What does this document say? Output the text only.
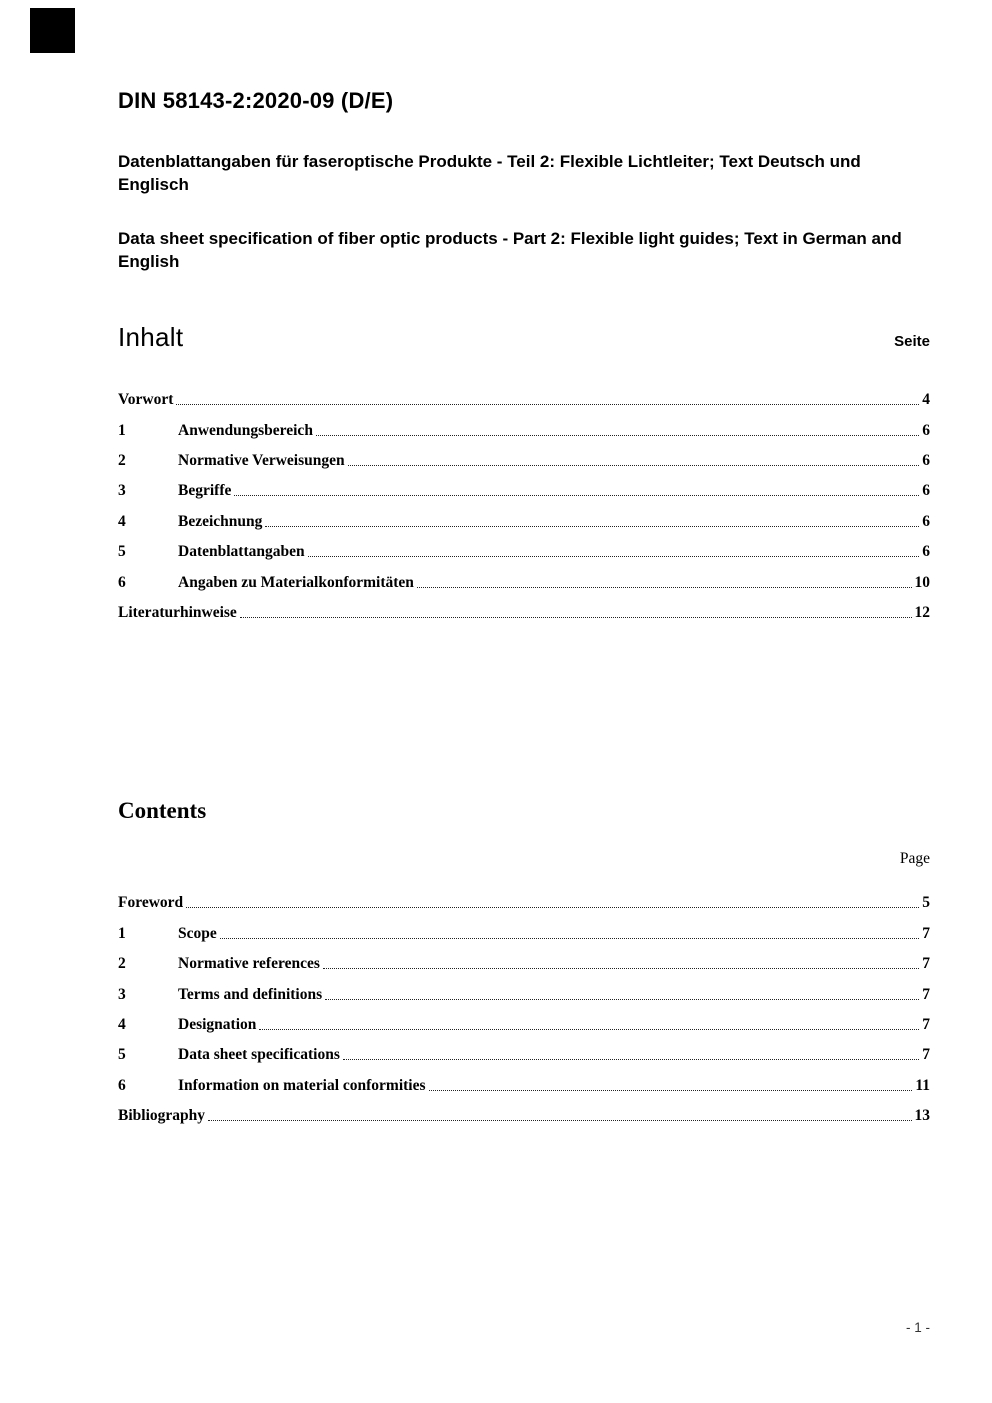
DIN 58143-2:2020-09 (D/E)
Datenblattangaben für faseroptische Produkte - Teil 2: Flexible Lichtleiter; Text Deutsch und Englisch
Data sheet specification of fiber optic products - Part 2: Flexible light guides; Text in German and English
Inhalt	Seite
Vorwort	4
1	Anwendungsbereich	6
2	Normative Verweisungen	6
3	Begriffe	6
4	Bezeichnung	6
5	Datenblattangaben	6
6	Angaben zu Materialkonformitäten	10
Literaturhinweise	12
Contents
Page
Foreword	5
1	Scope	7
2	Normative references	7
3	Terms and definitions	7
4	Designation	7
5	Data sheet specifications	7
6	Information on material conformities	11
Bibliography	13
- 1 -
